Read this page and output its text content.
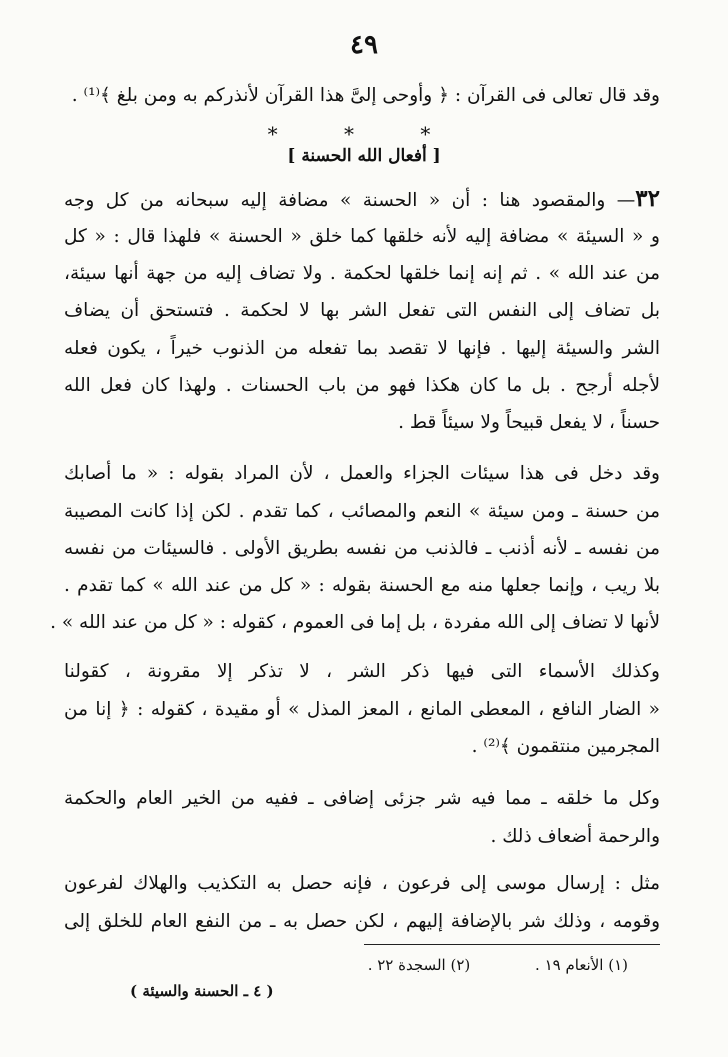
٤٩
وقد قال تعالى فى القرآن : ﴿ وأوحى إلىَّ هذا القرآن لأنذركم به ومن بلغ ﴾⁽¹⁾ .
* * *
[ أفعال الله الحسنة ]
٣٢— والمقصود هنا : أن « الحسنة » مضافة إليه سبحانه من كل وجه
و « السيئة » مضافة إليه لأنه خلقها كما خلق « الحسنة » فلهذا قال : « كل
من عند الله » . ثم إنه إنما خلقها لحكمة . ولا تضاف إليه من جهة أنها سيئة،
بل تضاف إلى النفس التى تفعل الشر بها لا لحكمة . فتستحق أن يضاف
الشر والسيئة إليها . فإنها لا تقصد بما تفعله من الذنوب خيراً ، يكون فعله
لأجله أرجح . بل ما كان هكذا فهو من باب الحسنات . ولهذا كان فعل الله
حسناً ، لا يفعل قبيحاً ولا سيئاً قط .
وقد دخل فى هذا سيئات الجزاء والعمل ، لأن المراد بقوله : « ما أصابك
من حسنة ـ ومن سيئة » النعم والمصائب ، كما تقدم . لكن إذا كانت المصيبة
من نفسه ـ لأنه أذنب ـ فالذنب من نفسه بطريق الأولى . فالسيئات من نفسه
بلا ريب ، وإنما جعلها منه مع الحسنة بقوله : « كل من عند الله » كما تقدم .
لأنها لا تضاف إلى الله مفردة ، بل إما فى العموم ، كقوله : « كل من عند الله » .
وكذلك الأسماء التى فيها ذكر الشر ، لا تذكر إلا مقرونة ، كقولنا
« الضار النافع ، المعطى المانع ، المعز المذل » أو مقيدة ، كقوله : ﴿ إنا من
المجرمين منتقمون ﴾⁽²⁾ .
وكل ما خلقه ـ مما فيه شر جزئى إضافى ـ ففيه من الخير العام والحكمة
والرحمة أضعاف ذلك .
مثل : إرسال موسى إلى فرعون ، فإنه حصل به التكذيب والهلاك لفرعون
وقومه ، وذلك شر بالإضافة إليهم ، لكن حصل به ـ من النفع العام للخلق إلى
(١) الأنعام ١٩ . (٢) السجدة ٢٢ .
( ٤ ـ الحسنة والسيئة )
